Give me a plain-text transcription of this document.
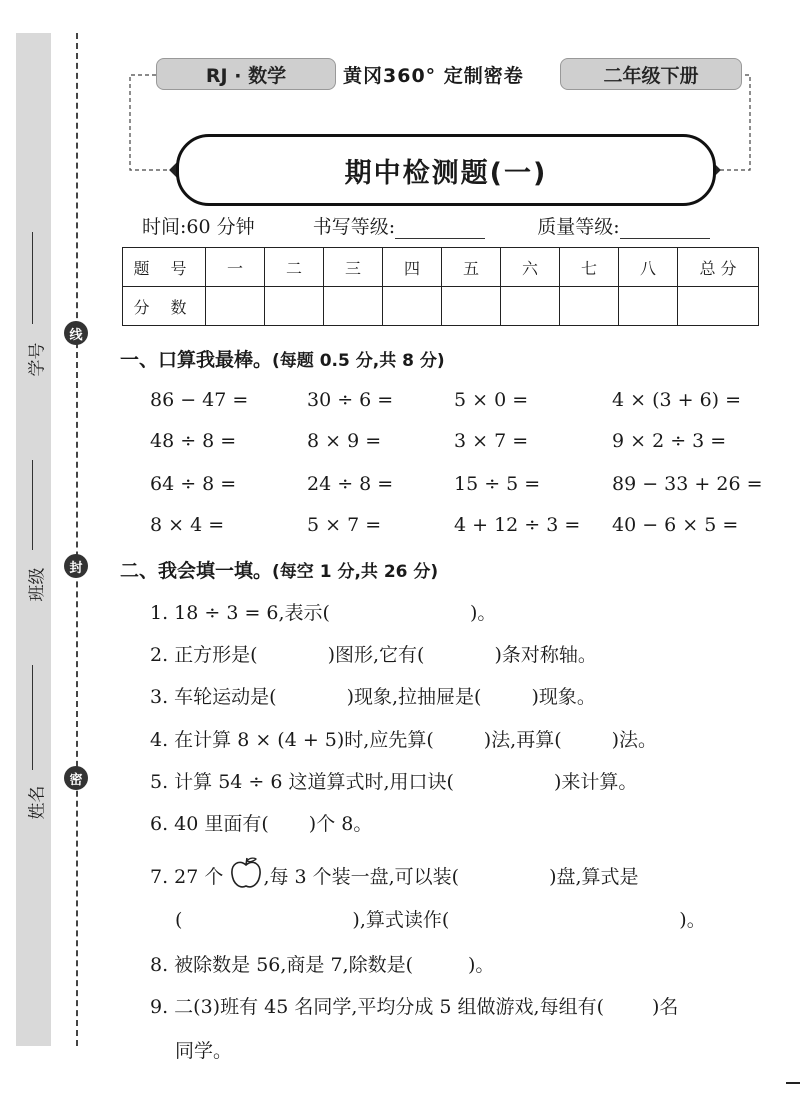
学号
班级
姓名
线
封
密
RJ · 数学	黄冈360° 定制密卷	二年级下册
期中检测题(一)
时间:60 分钟	书写等级:	质量等级:
题 号	一	二	三	四	五	六	七	八	总 分
分 数									
一、口算我最棒。(每题 0.5 分,共 8 分)
86 − 47 =	30 ÷ 6 =	5 × 0 =	4 × (3 + 6) =
48 ÷ 8 =	8 × 9 =	3 × 7 =	9 × 2 ÷ 3 =
64 ÷ 8 =	24 ÷ 8 =	15 ÷ 5 =	89 − 33 + 26 =
8 × 4 =	5 × 7 =	4 + 12 ÷ 3 = 40 − 6 × 5 =
二、我会填一填。(每空 1 分,共 26 分)
1. 18 ÷ 3 = 6,表示(	)。
2. 正方形是(	)图形,它有(	)条对称轴。
3. 车轮运动是(	)现象,拉抽屉是(	)现象。
4. 在计算 8 × (4 + 5)时,应先算(	)法,再算(	)法。
5. 计算 54 ÷ 6 这道算式时,用口诀(	)来计算。
6. 40 里面有( )个 8。
7. 27 个 ,每 3 个装一盘,可以装(	)盘,算式是
(	),算式读作(	)。
8. 被除数是 56,商是 7,除数是(	)。
9. 二(3)班有 45 名同学,平均分成 5 组做游戏,每组有(	)名
同学。
